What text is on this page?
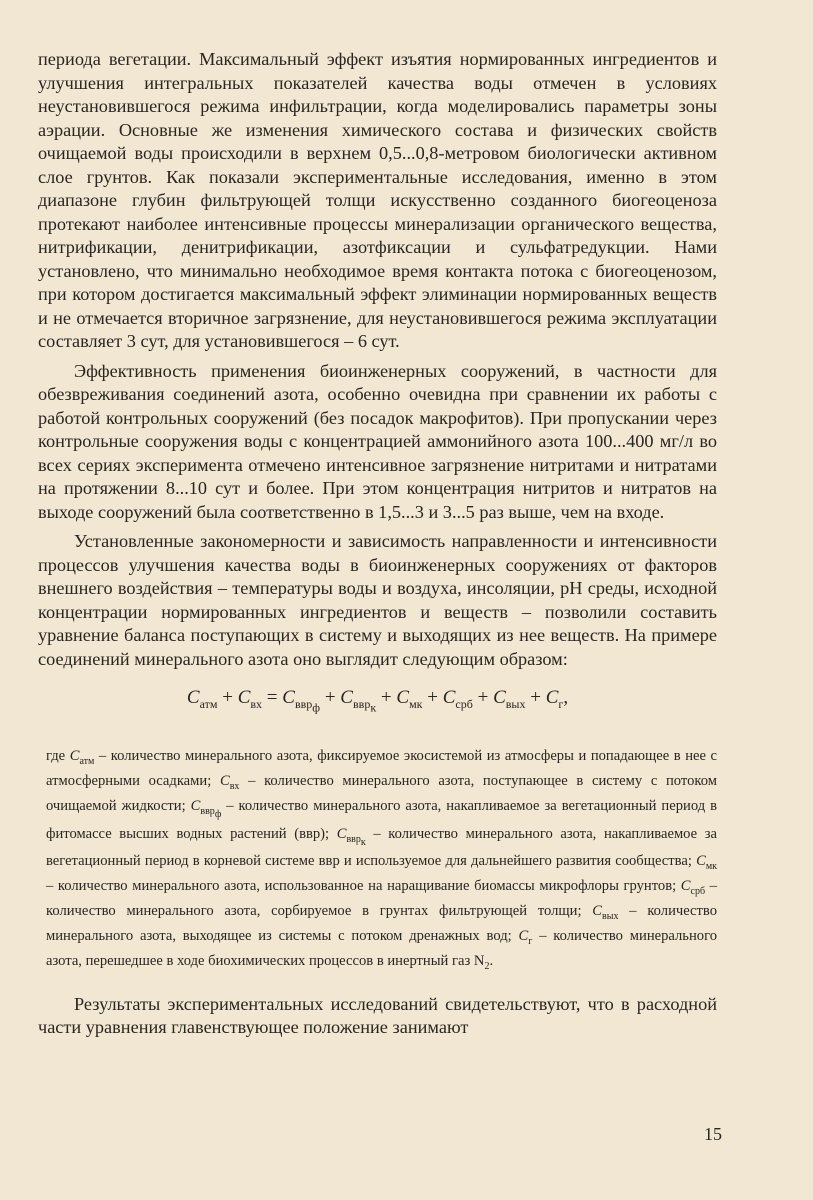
периода вегетации. Максимальный эффект изъятия нормированных ингредиентов и улучшения интегральных показателей качества воды отмечен в условиях неустановившегося режима инфильтрации, когда моделировались параметры зоны аэрации. Основные же изменения химического состава и физических свойств очищаемой воды происходили в верхнем 0,5...0,8-метровом биологически активном слое грунтов. Как показали экспериментальные исследования, именно в этом диапазоне глубин фильтрующей толщи искусственно созданного биогеоценоза протекают наиболее интенсивные процессы минерализации органического вещества, нитрификации, денитрификации, азотфиксации и сульфатредукции. Нами установлено, что минимально необходимое время контакта потока с биогеоценозом, при котором достигается максимальный эффект элиминации нормированных веществ и не отмечается вторичное загрязнение, для неустановившегося режима эксплуатации составляет 3 сут, для установившегося – 6 сут.

Эффективность применения биоинженерных сооружений, в частности для обезвреживания соединений азота, особенно очевидна при сравнении их работы с работой контрольных сооружений (без посадок макрофитов). При пропускании через контрольные сооружения воды с концентрацией аммонийного азота 100...400 мг/л во всех сериях эксперимента отмечено интенсивное загрязнение нитритами и нитратами на протяжении 8...10 сут и более. При этом концентрация нитритов и нитратов на выходе сооружений была соответственно в 1,5...3 и 3...5 раз выше, чем на входе.

Установленные закономерности и зависимость направленности и интенсивности процессов улучшения качества воды в биоинженерных сооружениях от факторов внешнего воздействия – температуры воды и воздуха, инсоляции, pH среды, исходной концентрации нормированных ингредиентов и веществ – позволили составить уравнение баланса поступающих в систему и выходящих из нее веществ. На примере соединений минерального азота оно выглядит следующим образом:

$C_{атм} + C_{вх} = C_{ввр_ф} + C_{ввр_к} + C_{мк} + C_{срб} + C_{вых} + C_г$,

где $C_{атм}$ – количество минерального азота, фиксируемое экосистемой из атмосферы и попадающее в нее с атмосферными осадками; $C_{вх}$ – количество минерального азота, поступающее в систему с потоком очищаемой жидкости; $C_{ввр_ф}$ – количество минерального азота, накапливаемое за вегетационный период в фитомассе высших водных растений (ввр); $C_{ввр_к}$ – количество минерального азота, накапливаемое за вегетационный период в корневой системе ввр и используемое для дальнейшего развития сообщества; $C_{мк}$ – количество минерального азота, использованное на наращивание биомассы микрофлоры грунтов; $C_{срб}$ – количество минерального азота, сорбируемое в грунтах фильтрующей толщи; $C_{вых}$ – количество минерального азота, выходящее из системы с потоком дренажных вод; $C_г$ – количество минерального азота, перешедшее в ходе биохимических процессов в инертный газ $N_2$.

Результаты экспериментальных исследований свидетельствуют, что в расходной части уравнения главенствующее положение занимают

15
